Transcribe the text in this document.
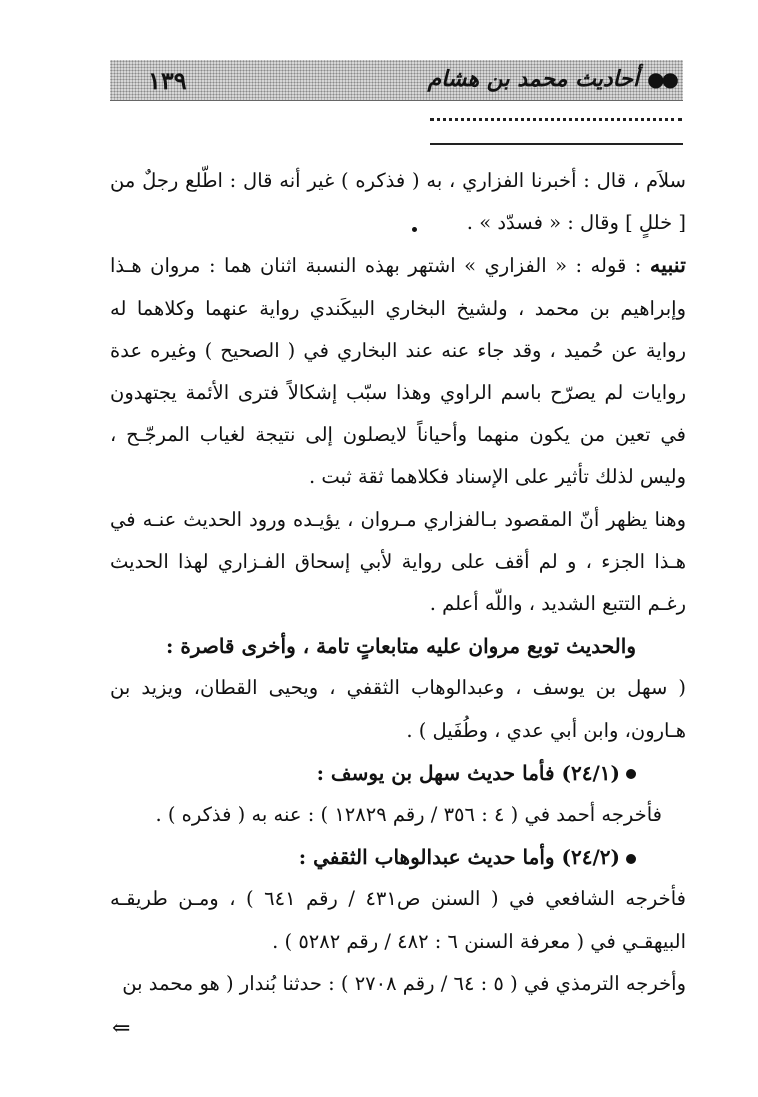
١٣٩	●●
أحاديث محمد بن هشام

سلاَم ، قال : أخبرنا الفزاري ، به ( فذكره ) غير أنه قال : اطّلع رجلٌ من [ خللٍ ] وقال : « فسدّد » .

تنبيه : قوله : « الفزاري » اشتهر بهذه النسبة اثنان هما : مروان هـذا وإبراهيم بن محمد ، ولشيخ البخاري البيكَندي رواية عنهما وكلاهما له رواية عن حُميد ، وقد جاء عنه عند البخاري في ( الصحيح ) وغيره عدة روايات لم يصرّح باسم الراوي وهذا سبّب إشكالاً فترى الأئمة يجتهدون في تعين من يكون منهما وأحياناً لايصلون إلى نتيجة لغياب المرجّـح ، وليس لذلك تأثير على الإسناد فكلاهما ثقة ثبت .

وهنا يظهر أنّ المقصود بـالفزاري مـروان ، يؤيـده ورود الحديث عنـه في هـذا الجزء ، و لم أقف على رواية لأبي إسحاق الفـزاري لهذا الحديث رغـم التتبع الشديد ، واللّه أعلم .

والحديث توبع مروان عليه متابعاتٍ تامة ، وأخرى قاصرة :

( سهل بن يوسف ، وعبدالوهاب الثقفي ، ويحيى القطان، ويزيد بن هـارون، وابن أبي عدي ، وطُفَيل ) .

(٢٤/١) فأما حديث سهل بن يوسف :

فأخرجه أحمد في ( ٤ : ٣٥٦ / رقم ١٢٨٢٩ ) : عنه به ( فذكره ) .

(٢٤/٢) وأما حديث عبدالوهاب الثقفي :

فأخرجه الشافعي في ( السنن ص٤٣١ / رقم ٦٤١ ) ، ومـن طريقـه البيهقـي في ( معرفة السنن ٦ : ٤٨٢ / رقم ٥٢٨٢ ) .

وأخرجه الترمذي في ( ٥ : ٦٤ / رقم ٢٧٠٨ ) : حدثنا بُندار ( هو محمد بن

⇐
